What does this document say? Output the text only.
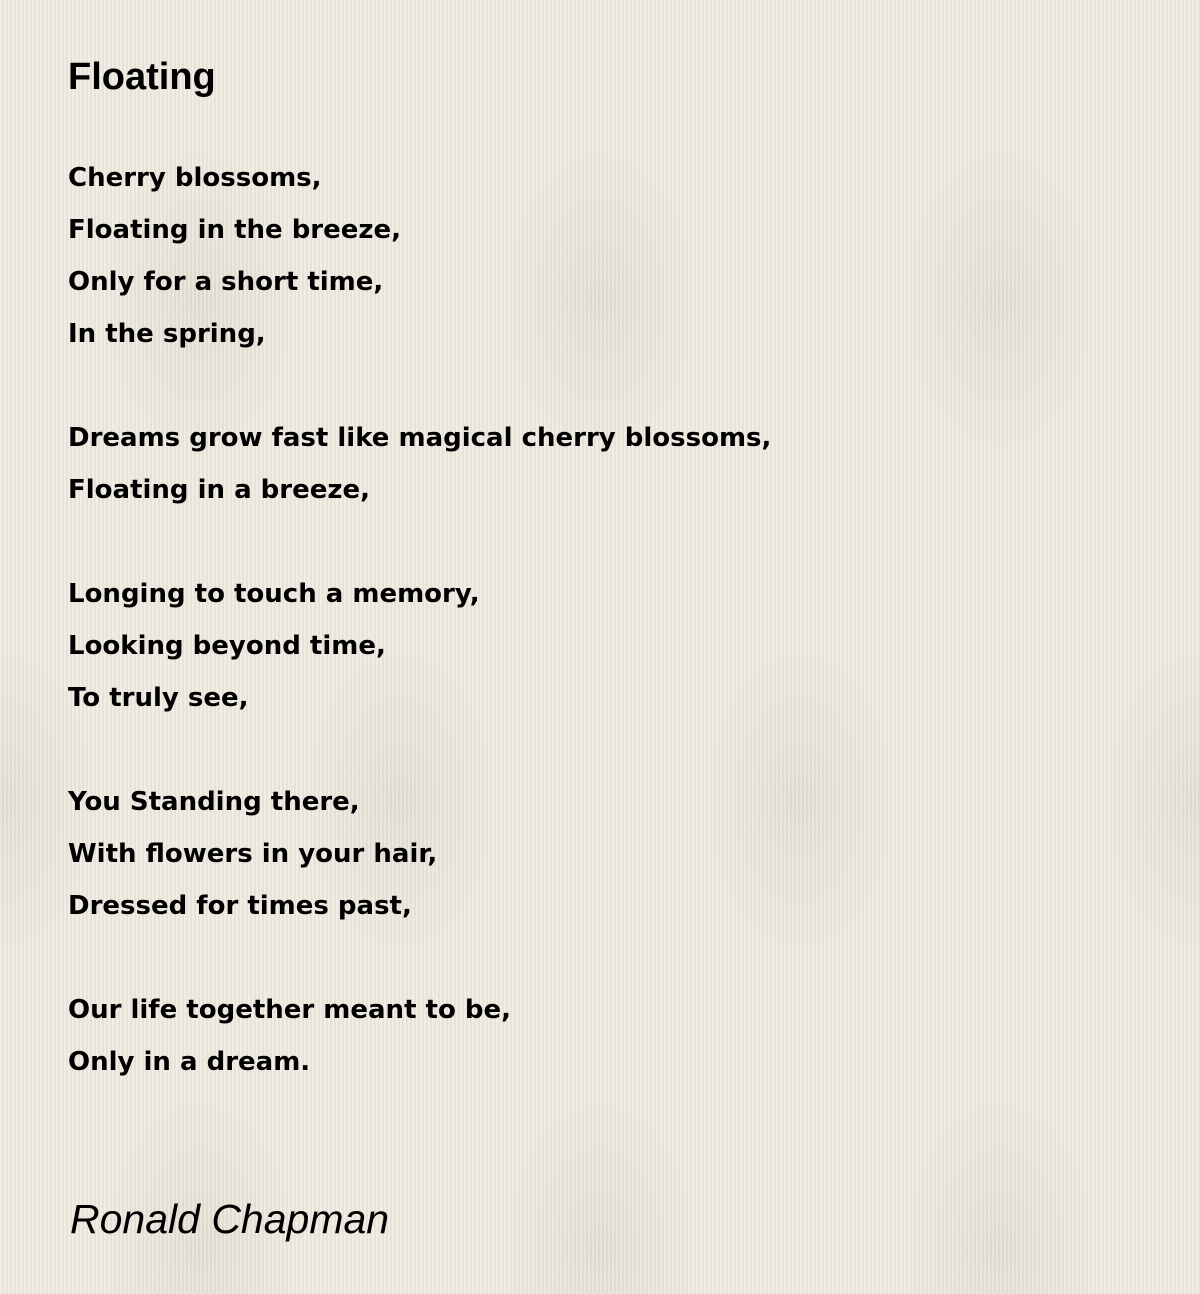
Floating
Cherry blossoms,
Floating in the breeze,
Only for a short time,
In the spring,
Dreams grow fast like magical cherry blossoms,
Floating in a breeze,
Longing to touch a memory,
Looking beyond time,
To truly see,
You Standing there,
With flowers in your hair,
Dressed for times past,
Our life together meant to be,
Only in a dream.
Ronald Chapman
